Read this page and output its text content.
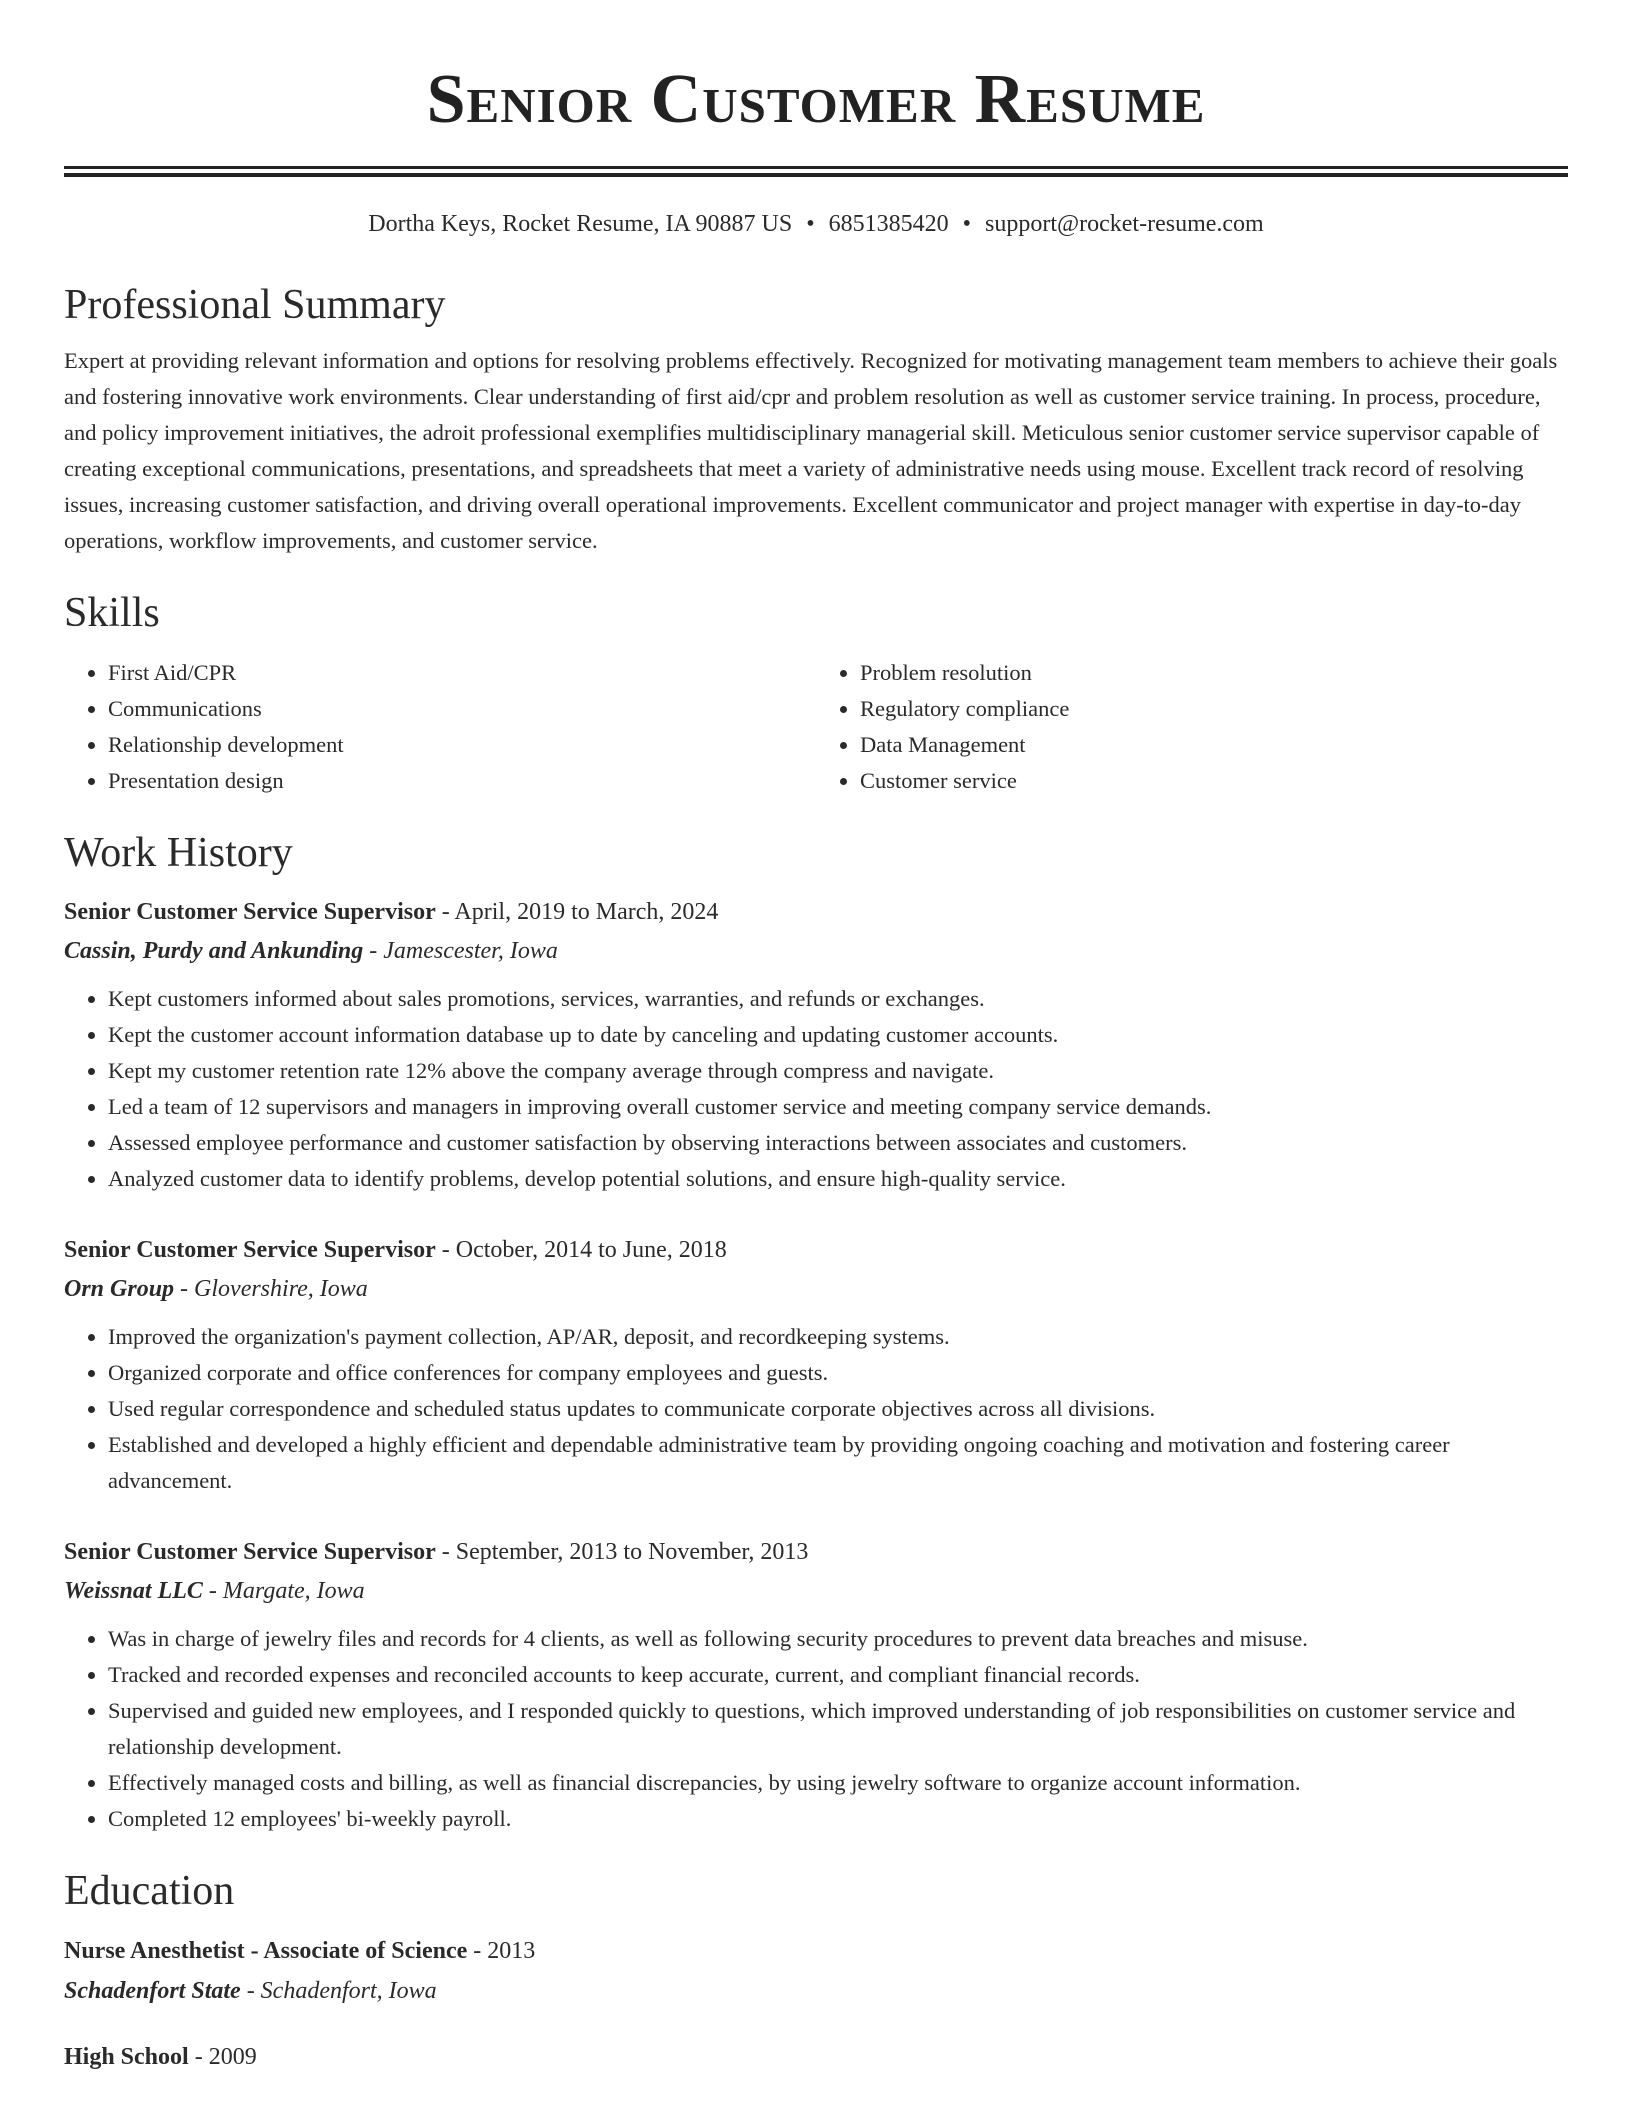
Senior Customer Resume
Dortha Keys, Rocket Resume, IA 90887 US • 6851385420 • support@rocket-resume.com
Professional Summary

Expert at providing relevant information and options for resolving problems effectively. Recognized for motivating management team members to achieve their goals and fostering innovative work environments. Clear understanding of first aid/cpr and problem resolution as well as customer service training. In process, procedure, and policy improvement initiatives, the adroit professional exemplifies multidisciplinary managerial skill. Meticulous senior customer service supervisor capable of creating exceptional communications, presentations, and spreadsheets that meet a variety of administrative needs using mouse. Excellent track record of resolving issues, increasing customer satisfaction, and driving overall operational improvements. Excellent communicator and project manager with expertise in day-to-day operations, workflow improvements, and customer service.

Skills
• First Aid/CPR
• Communications
• Relationship development
• Presentation design
• Problem resolution
• Regulatory compliance
• Data Management
• Customer service
Work History
Senior Customer Service Supervisor - April, 2019 to March, 2024
Cassin, Purdy and Ankunding - Jamescester, Iowa
• Kept customers informed about sales promotions, services, warranties, and refunds or exchanges.
• Kept the customer account information database up to date by canceling and updating customer accounts.
• Kept my customer retention rate 12% above the company average through compress and navigate.
• Led a team of 12 supervisors and managers in improving overall customer service and meeting company service demands.
• Assessed employee performance and customer satisfaction by observing interactions between associates and customers.
• Analyzed customer data to identify problems, develop potential solutions, and ensure high-quality service.
Senior Customer Service Supervisor - October, 2014 to June, 2018
Orn Group - Glovershire, Iowa
• Improved the organization's payment collection, AP/AR, deposit, and recordkeeping systems.
• Organized corporate and office conferences for company employees and guests.
• Used regular correspondence and scheduled status updates to communicate corporate objectives across all divisions.
• Established and developed a highly efficient and dependable administrative team by providing ongoing coaching and motivation and fostering career advancement.
Senior Customer Service Supervisor - September, 2013 to November, 2013
Weissnat LLC - Margate, Iowa
• Was in charge of jewelry files and records for 4 clients, as well as following security procedures to prevent data breaches and misuse.
• Tracked and recorded expenses and reconciled accounts to keep accurate, current, and compliant financial records.
• Supervised and guided new employees, and I responded quickly to questions, which improved understanding of job responsibilities on customer service and relationship development.
• Effectively managed costs and billing, as well as financial discrepancies, by using jewelry software to organize account information.
• Completed 12 employees' bi-weekly payroll.
Education
Nurse Anesthetist - Associate of Science - 2013
Schadenfort State - Schadenfort, Iowa
High School - 2009
